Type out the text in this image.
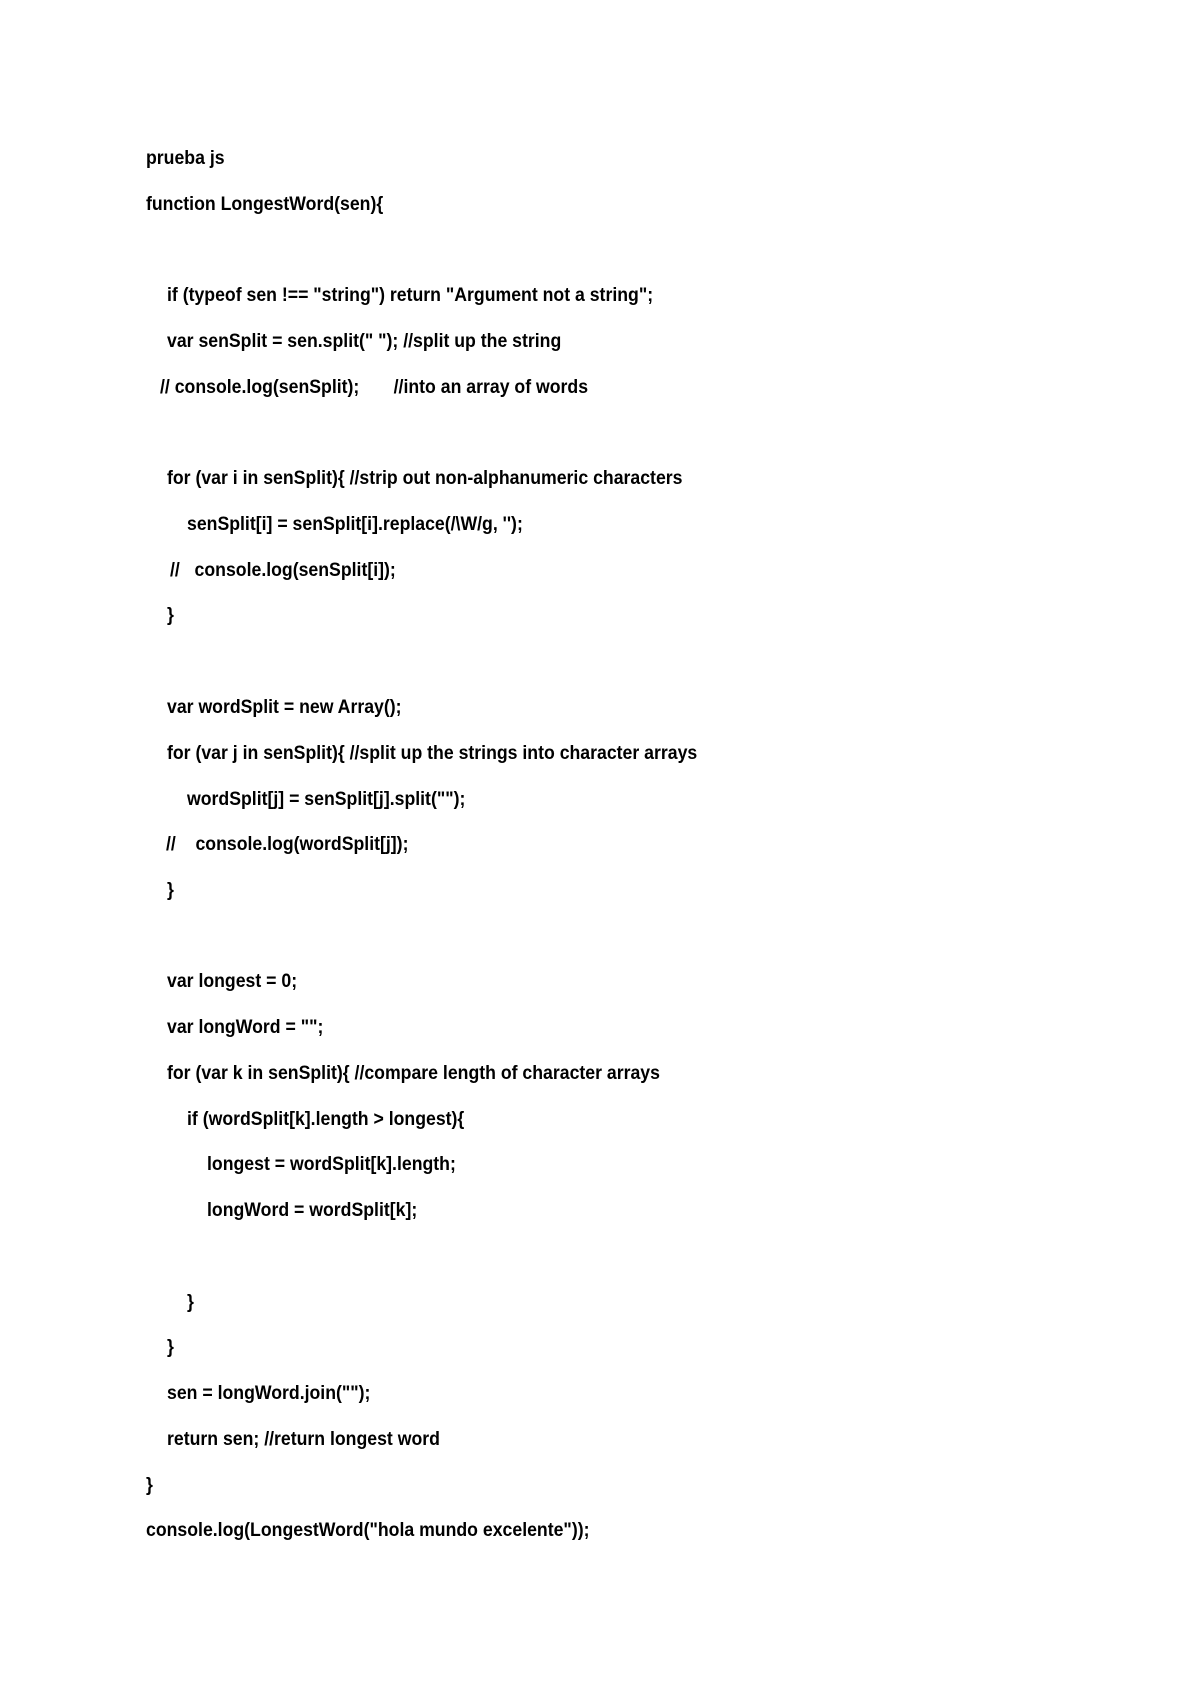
prueba js
function LongestWord(sen){
if (typeof sen !== "string") return "Argument not a string";
var senSplit = sen.split(" "); //split up the string
// console.log(senSplit);       //into an array of words
for (var i in senSplit){ //strip out non-alphanumeric characters
senSplit[i] = senSplit[i].replace(/\W/g, '');
//   console.log(senSplit[i]);
}
var wordSplit = new Array();
for (var j in senSplit){ //split up the strings into character arrays
wordSplit[j] = senSplit[j].split("");
//    console.log(wordSplit[j]);
}
var longest = 0;
var longWord = "";
for (var k in senSplit){ //compare length of character arrays
if (wordSplit[k].length > longest){
longest = wordSplit[k].length;
longWord = wordSplit[k];
}
}
sen = longWord.join("");
return sen; //return longest word
}
console.log(LongestWord("hola mundo excelente"));
